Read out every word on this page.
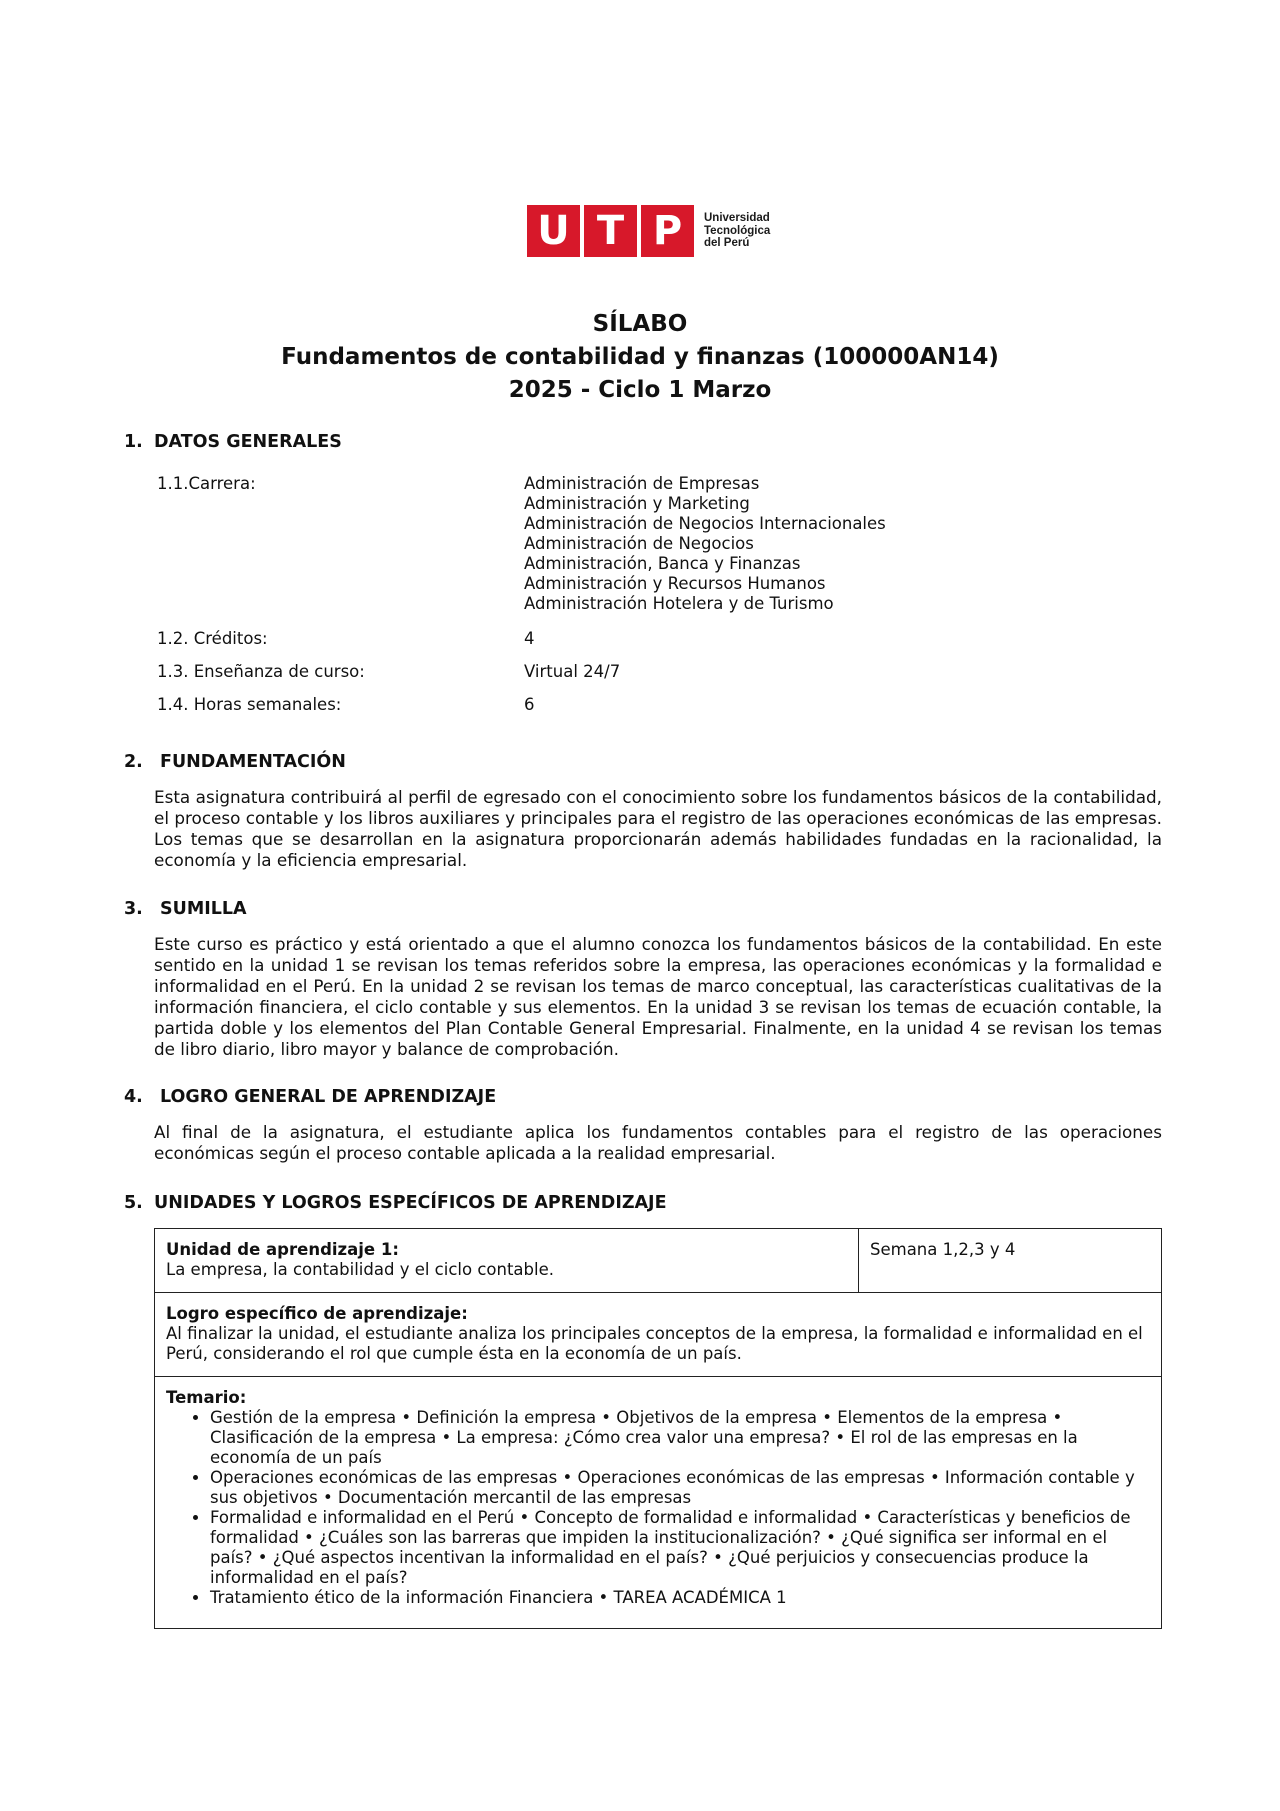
U T P	Universidad
Tecnológica
del Perú
SÍLABO
Fundamentos de contabilidad y finanzas (100000AN14)
2025 - Ciclo 1 Marzo
1. DATOS GENERALES
1.1.Carrera:	Administración de Empresas
Administración y Marketing
Administración de Negocios Internacionales
Administración de Negocios
Administración, Banca y Finanzas
Administración y Recursos Humanos
Administración Hotelera y de Turismo
1.2. Créditos:	4
1.3. Enseñanza de curso:	Virtual 24/7
1.4. Horas semanales:	6
2. FUNDAMENTACIÓN

Esta asignatura contribuirá al perfil de egresado con el conocimiento sobre los fundamentos básicos de la contabilidad, el proceso contable y los libros auxiliares y principales para el registro de las operaciones económicas de las empresas. Los temas que se desarrollan en la asignatura proporcionarán además habilidades fundadas en la racionalidad, la economía y la eficiencia empresarial.

3. SUMILLA

Este curso es práctico y está orientado a que el alumno conozca los fundamentos básicos de la contabilidad. En este sentido en la unidad 1 se revisan los temas referidos sobre la empresa, las operaciones económicas y la formalidad e informalidad en el Perú. En la unidad 2 se revisan los temas de marco conceptual, las características cualitativas de la información financiera, el ciclo contable y sus elementos. En la unidad 3 se revisan los temas de ecuación contable, la partida doble y los elementos del Plan Contable General Empresarial. Finalmente, en la unidad 4 se revisan los temas de libro diario, libro mayor y balance de comprobación.

4. LOGRO GENERAL DE APRENDIZAJE

Al final de la asignatura, el estudiante aplica los fundamentos contables para el registro de las operaciones económicas según el proceso contable aplicada a la realidad empresarial.

5. UNIDADES Y LOGROS ESPECÍFICOS DE APRENDIZAJE
Unidad de aprendizaje 1:
La empresa, la contabilidad y el ciclo contable.
Semana 1,2,3 y 4
Logro específico de aprendizaje:
Al finalizar la unidad, el estudiante analiza los principales conceptos de la empresa, la formalidad e informalidad en el Perú, considerando el rol que cumple ésta en la economía de un país.
Temario:
• Gestión de la empresa • Definición la empresa • Objetivos de la empresa • Elementos de la empresa • Clasificación de la empresa • La empresa: ¿Cómo crea valor una empresa? • El rol de las empresas en la economía de un país
• Operaciones económicas de las empresas • Operaciones económicas de las empresas • Información contable y sus objetivos • Documentación mercantil de las empresas
• Formalidad e informalidad en el Perú • Concepto de formalidad e informalidad • Características y beneficios de formalidad • ¿Cuáles son las barreras que impiden la institucionalización? • ¿Qué significa ser informal en el país? • ¿Qué aspectos incentivan la informalidad en el país? • ¿Qué perjuicios y consecuencias produce la informalidad en el país?
• Tratamiento ético de la información Financiera • TAREA ACADÉMICA 1
